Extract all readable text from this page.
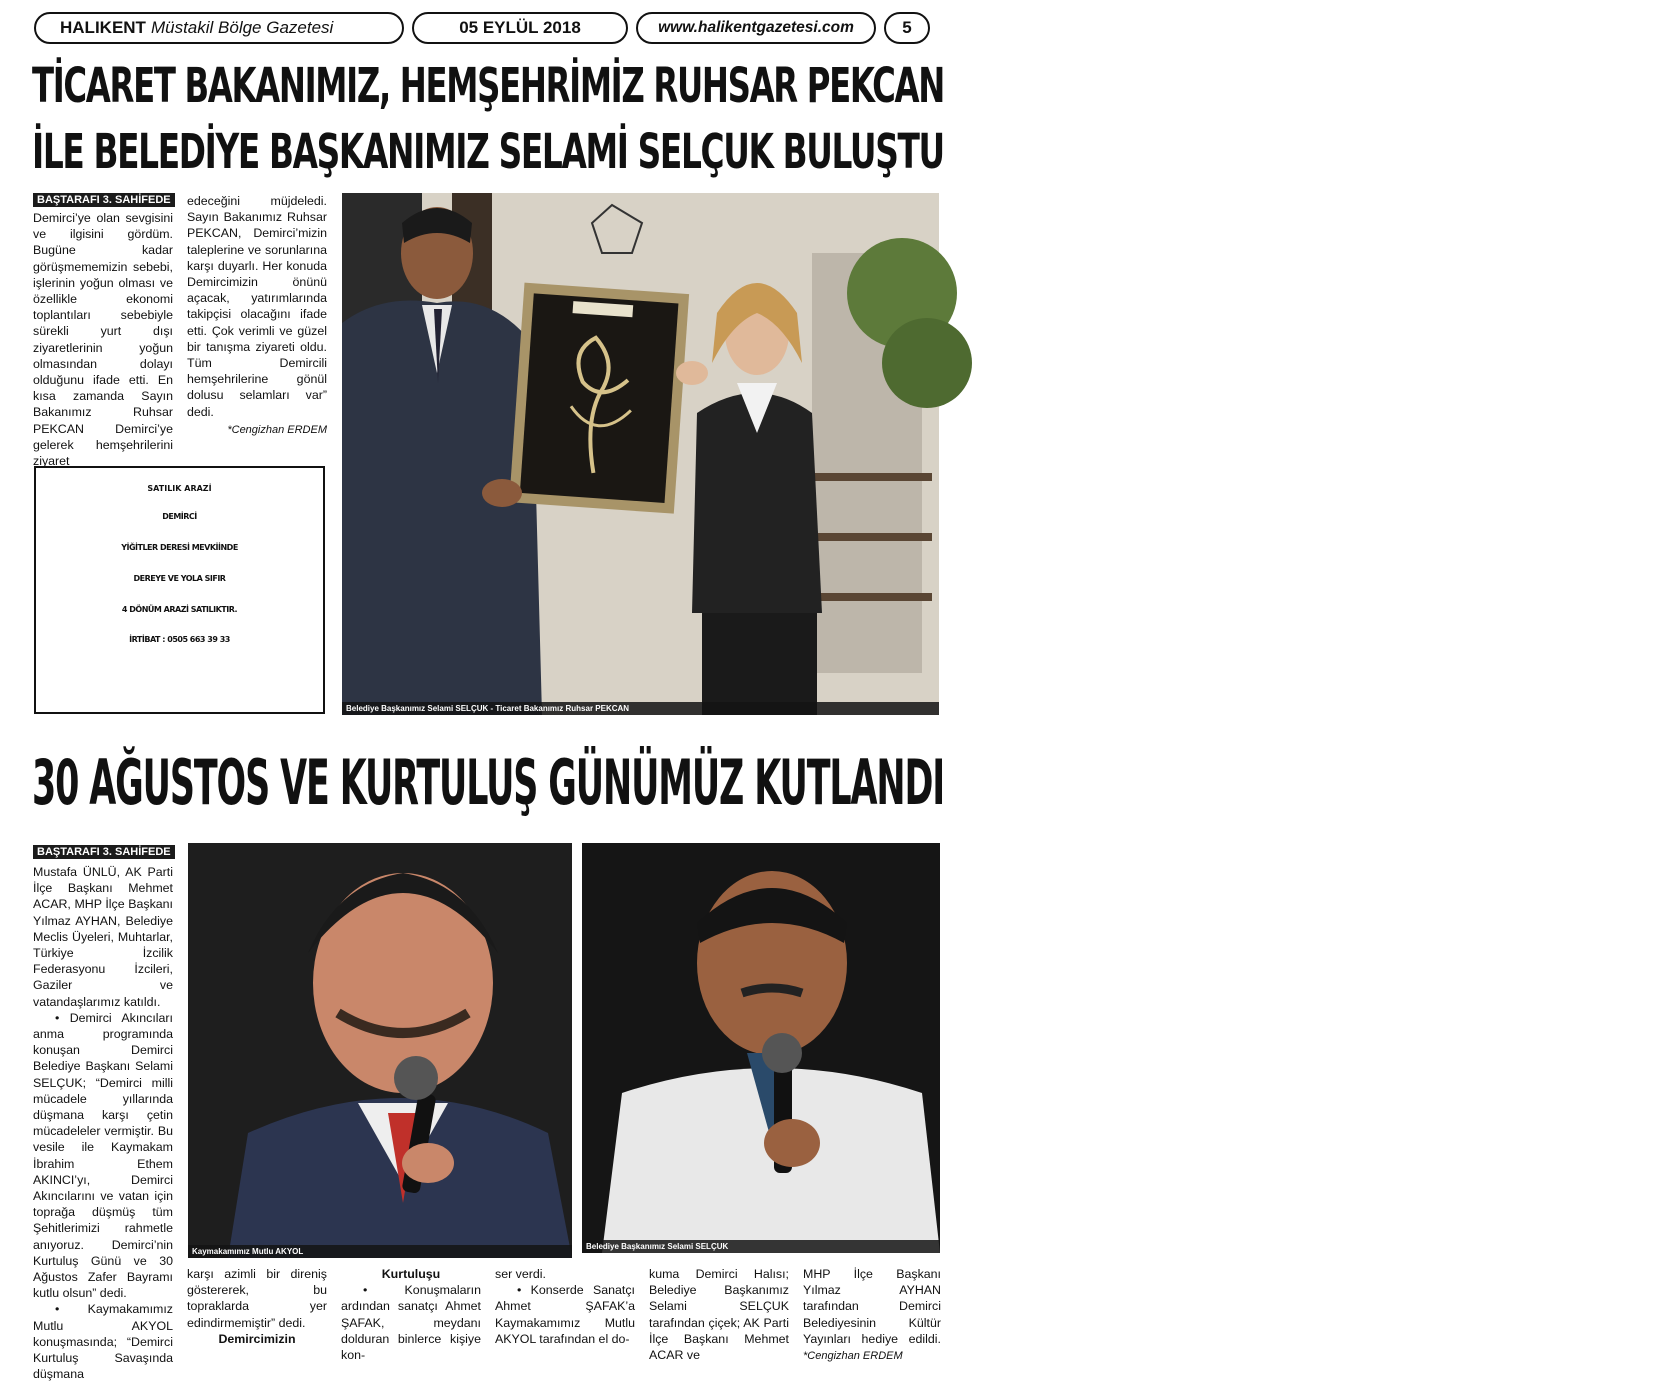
HALIKENT Müstakil Bölge Gazetesi	05 EYLÜL 2018	www.halikentgazetesi.com	5
TİCARET BAKANIMIZ, HEMŞEHRİMİZ RUHSAR PEKCAN
İLE BELEDİYE BAŞKANIMIZ SELAMİ SELÇUK BULUŞTU
BAŞTARAFI 3. SAHİFEDE

Demirci’ye olan sevgisini ve ilgisini gördüm. Bugüne kadar görüşmememizin sebebi, işlerinin yoğun olması ve özellikle ekonomi toplantıları sebebiyle sürekli yurt dışı ziyaretlerinin yoğun olmasından dolayı olduğunu ifade etti. En kısa zamanda Sayın Bakanımız Ruhsar PEKCAN Demirci’ye gelerek hemşehrilerini ziyaret

edeceğini müjdeledi. Sayın Bakanımız Ruhsar PEKCAN, Demirci’mizin taleplerine ve sorunlarına karşı duyarlı. Her konuda Demircimizin önünü açacak, yatırımlarında takipçisi olacağını ifade etti. Çok verimli ve güzel bir tanışma ziyareti oldu. Tüm Demircili hemşehrilerine gönül dolusu selamları var” dedi.

*Cengizhan ERDEM

Belediye Başkanımız Selami SELÇUK - Ticaret Bakanımız Ruhsar PEKCAN
SATILIK ARAZİ
DEMİRCİ
YİĞİTLER DERESİ MEVKİİNDE
DEREYE VE YOLA SIFIR
4 DÖNÜM ARAZİ SATILIKTIR.
İRTİBAT : 0505 663 39 33
30 AĞUSTOS VE KURTULUŞ GÜNÜMÜZ KUTLANDI
BAŞTARAFI 3. SAHİFEDE

Mustafa ÜNLÜ, AK Parti İlçe Başkanı Mehmet ACAR, MHP İlçe Başkanı Yılmaz AYHAN, Belediye Meclis Üyeleri, Muhtarlar, Türkiye İzcilik Federasyonu İzcileri, Gaziler ve vatandaşlarımız katıldı.

• Demirci Akıncıları anma programında konuşan Demirci Belediye Başkanı Selami SELÇUK; “Demirci milli mücadele yıllarında düşmana karşı çetin mücadeleler vermiştir. Bu vesile ile Kaymakam İbrahim Ethem AKINCI’yı, Demirci Akıncılarını ve vatan için toprağa düşmüş tüm Şehitlerimizi rahmetle anıyoruz. Demirci’nin Kurtuluş Günü ve 30 Ağustos Zafer Bayramı kutlu olsun” dedi.

• Kaymakamımız Mutlu AKYOL konuşmasında; “Demirci Kurtuluş Savaşında düşmana

Kaymakamımız Mutlu AKYOL
Belediye Başkanımız Selami SELÇUK

karşı azimli bir direniş göstererek, bu topraklarda yer edindirmemiştir” dedi.

Demircimizin

Kurtuluşu

• Konuşmaların ardından sanatçı Ahmet ŞAFAK, meydanı dolduran binlerce kişiye kon-

ser verdi.

• Konserde Sanatçı Ahmet ŞAFAK’a Kaymakamımız Mutlu AKYOL tarafından el do-

kuma Demirci Halısı; Belediye Başkanımız Selami SELÇUK tarafından çiçek; AK Parti İlçe Başkanı Mehmet ACAR ve

MHP İlçe Başkanı Yılmaz AYHAN tarafından Demirci Belediyesinin Kültür Yayınları hediye edildi.

*Cengizhan ERDEM
